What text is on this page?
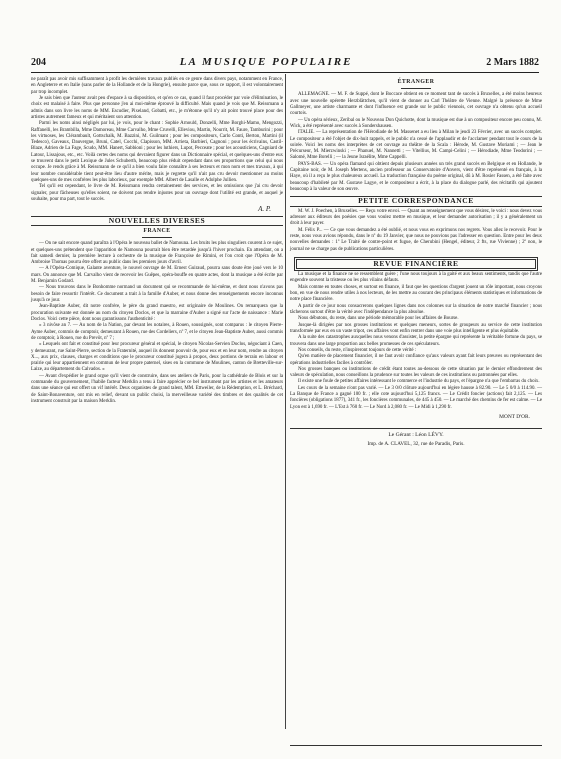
204	LA MUSIQUE POPULAIRE	2 Mars 1882

ne paraît pas avoir mis suffisamment à profit les dernières travaux publiés en ce genre dans divers pays, notamment en France, en Angleterre et en Italie (sans parler de la Hollande et de la Hongrie), ensuite parce que, sous ce rapport, il est volontairement par trop incomplet.

Je sais bien que l'auteur avait peu d'espace à sa disposition, et qu'en ce cas, quand il faut procéder par voie d'élimination, le choix est malaisé à faire. Plus que personne j'en ai moi-même éprouvé la difficulté. Mais quand je vois que M. Reissmann a admis dans son livre les noms de MM. Escudier, Pixeland, Gobatti, etc., je m'étonne qu'il n'y ait point trouvé place pour des artistes autrement fameux et qui méritaient son attention.

Parmi les noms ainsi négligés par lui, je vois, pour le chant : Sophie Arnould, Donzelli, Mme Borghi-Mamo, Mengozzi, Raffanelli, les Brambilla, Mme Damoreau, Mme Carvalho, Mme Cruvelli, Elleviou, Martin, Nourrit, M. Faure, Tamburini ; pour les virtuoses, les Clérambault, Gottschalk, M. Bazzini, M. Guilmant ; pour les compositeurs, Carlo Conti, Berton, Martini (il Tedesco), Gaveaux, Dauvergne, Bruni, Catel, Cocchi, Clapisson, MM. Arrieta, Barbieri, Cagnoni ; pour les écrivains, Castil-Blaze, Adrien de La Fage, Scudo, MM. Hanert, Sabbioni ; pour les luthiers, Lupot, Pecceate ; pour les acousticiens, Cagniard de Latour, Lissajous, etc., etc. Voilà certes des noms qui devraient figurer dans un Dictionnaire spécial, et quelques-uns d'entre eux se trouvent dans le petit Lexique de Jules Schuberth, beaucoup plus réduit cependant dans ses proportions que celui qui nous occupe. Je rends grâce à M. Reissmann de ce qu'il a bien voulu faire connaître à ses lecteurs et mon nom et mes travaux, à qui leur nombre considérable tient peut-être lieu d'autre mérite, mais je regrette qu'il n'ait pas cru devoir mentionner au moins quelques-uns de mes confrères les plus laborieux, par exemple MM. Albert de Lasalle et Adolphe Jullien.

Tel qu'il est cependant, le livre de M. Reissmann rendra certainement des services, et les omissions que j'ai cru devoir signaler, pour fâcheuses qu'elles soient, ne doivent pas rendre injustes pour un ouvrage dont l'utilité est grande, et auquel je souhaite, pour ma part, tout le succès.

A. P.
NOUVELLES DIVERSES
FRANCE

— On ne sait encore quand paraîtra à l'Opéra le nouveau ballet de Namouna. Les bruits les plus singuliers courent à ce sujet, et quelques-uns prétendent que l'apparition de Namouna pourrait bien être retardée jusqu'à l'hiver prochain. En attendant, on a fait samedi dernier, la première lecture à orchestre de la musique de Françoise de Rimini, et l'on croit que l'Opéra de M. Ambroise Thomas pourra être offert au public dans les premiers jours d'avril.

— A l'Opéra-Comique, Galante aventure, le nouvel ouvrage de M. Ernest Guiraud, pourra sans doute être joué vers le 10 mars. On annonce que M. Carvalho vient de recevoir les Guêpes, opéra-bouffe en quatre actes, dont la musique a été écrite par M. Benjamin Godard.

— Nous trouvons dans le Bonhomme normand un document qui se recommande de lui-même, et dont nous n'avons pas besoin de faire ressortir l'intérêt. Ce document a trait à la famille d'Auber, et nous donne des renseignements encore inconnus jusqu'à ce jour.

Jean-Baptiste Auber, dit notre confrère, le père du grand maestro, est originaire de Moulines. On remarquera que la procuration suivante est donnée au nom du citoyen Doclos, et que la marraine d'Auber a signé sur l'acte de naissance : Marie Doclos. Voici cette pièce, dont nous garantissons l'authenticité :

« 3 nivôse an 7. — Au nom de la Nation, par devant les notaires, à Rouen, soussignés, sont comparus : le citoyen Pierre-Ayme Auber, commis de comptoir, demeurant à Rouen, rue des Cordeliers, nº 7, et le citoyen Jean-Baptiste Auber, aussi commis de comptoir, à Rouen, rue du Prevôt, nº 7 ;

« Lesquels ont fait et constitué pour leur procureur général et spécial, le citoyen Nicolas-Servien Doclos, négociant à Caen, y demeurant, rue Saint-Pierre, section de la Fraternité, auquel ils donnent pouvoir de, pour eux et en leur nom, rendre au citoyen X..., aux prix, clauses, charges et conditions que le procureur constitué jugera à propos, deux portions de terrain en labour et prairie qui leur appartiennent en commun de leur propre paternel, sises en la commune de Moulines, canton de Bretteville-sur-Laize, au département du Calvados. »

— Avant d'expédier le grand orgue qu'il vient de construire, dans ses ateliers de Paris, pour la cathédrale de Blois et sur la commande du gouvernement, l'habile facteur Merklin a tenu à faire apprécier ce bel instrument par les artistes et les amateurs dans une séance qui eut offert un vif intérêt. Deux organistes de grand talent, MM. Ettweiler, de la Rédemption, et L. Bréchard, de Saint-Bonaventure, ont mis en relief, devant un public choisi, la merveilleuse variété des timbres et des qualités de cet instrument construit par la maison Merklin.

ÉTRANGER

ALLEMAGNE. — M. F. de Suppé, dont le Boccace obtient en ce moment tant de succès à Bruxelles, a été moins heureux avec une nouvelle opérette Herzblättchen, qu'il vient de donner au Carl Théâtre de Vienne. Malgré la présence de Mme Gallmeyer, une artiste charmante et dont l'influence est grande sur le public viennois, cet ouvrage n'a obtenu qu'un accueil courtois.

— Un opéra sérieux, Zeribal ou le Nouveau Don Quichotte, dont la musique est due à un compositeur encore peu connu, M. Wick, a été représenté avec succès à Sondershausen.

ITALIE. — La représentation de l'Hérodiade de M. Massenet a eu lieu à Milan le jeudi 23 Février, avec un succès complet. Le compositeur a été l'objet de dix-huit rappels, et le public n'a cessé de l'applaudir et de l'acclamer pendant tout le cours de la soirée. Voici les noms des interprètes de cet ouvrage au théâtre de la Scala : Hérode, M. Gustave Moriami ; — Jean le Précurseur, M. Mierzwinski ; — Phanuel, M. Nannetti ; — Vitellius, M. Campi-Celini ; — Hérodiade, Mme Teodorini ; — Salomé, Mme Borelli ; — la Jeune Israélite, Mme Cappelli.

PAYS-BAS. — Un opéra flamand qui obtient depuis plusieurs années un très grand succès en Belgique et en Hollande, le Capitaine noir, de M. Joseph Mertens, ancien professeur au Conservatoire d'Anvers, vient d'être représenté en français, à la Haye, où il a reçu le plus chaleureux accueil. La traduction française du poème original, dû à M. Rosier Fassen, a été faite avec beaucoup d'habileté par M. Gustave Lagye, et le compositeur a écrit, à la place du dialogue parlé, des récitatifs qui ajoutent beaucoup à la valeur de son œuvre.

PETITE CORRESPONDANCE

M. W. J. Poechen, à Bruxelles. — Reçu votre envoi. — Quant au renseignement que vous désirez, le voici : nous devez vous adresser aux éditeurs des poésies que vous voulez mettre en musique, et leur demander autorisation ; il y a généralement un droit à leur payer.

M. Félix P... — Ce que vous demandez a été oublié, et nous vous en exprimons nos regrets. Vous allez le recevoir. Pour le reste, nous vous avions répondu, dans le nº du 19 Janvier, que nous ne pouvions pas l'adresser en question. Entre pour les deux nouvelles demandes : 1º Le Traité de contre-point et fugue, de Cherubini (Hengel, éditeur, 2 fts, rue Vivienne) ; 2º non, le journal ne se charge pas de publications particulières.

REVUE FINANCIÈRE

La musique et la finance ne se ressemblent guère ; l'une nous toujours à la gaité et aux beaux sentiments, tandis que l'autre engendre souvent la tristesse ou les plus vilains défauts.

Mais comme en toutes choses, et surtout en finance, il faut que les questions d'argent jouent un rôle important, nous croyons bon, en vue de nous rendre utiles à nos lecteurs, de les mettre au courant des principaux éléments statistiques et informations de notre place financière.

A partir de ce jour nous consacrerons quelques lignes dans nos colonnes sur la situation de notre marché financier ; nous tâcherons surtout d'être la vérité avec l'indépendance la plus absolue.

Nous débutons, du reste, dans une période mémorable pour les affaires de Bourse.

Jusque-là dirigées par nos grosses institutions et quelques meneurs, sortes de groupeurs au service de cette institution transformée par eux en un vaste tripot, ces affaires vont enfin rentrer dans une voie plus intelligente et plus équitable.

A la suite des catastrophes auxquelles nous venons d'assister, la petite épargne qui représente la véritable fortune du pays, se trouvera dans une large proportion aux belles promesses de ces spéculateurs.

Nos conseils, du reste, n'inspireront toujours de cette vérité :

Qu'en matière de placement financier, il ne faut avoir confiance qu'aux valeurs ayant fait leurs preuves ou représentant des opérations industrielles faciles à contrôler.

Nos grosses banques ou institutions de crédit étant toutes au-dessous de cette situation par le dernier effondrement des valeurs de spéculation, nous conseillons la prudence sur toutes les valeurs de ces institutions ou patronnées par elles.

Il existe une foule de petites affaires intéressant le commerce et l'industrie du pays, et l'épargne n'a que l'embarras du choix.

Les cours de la semaine n'ont pas varié. — Le 3 0/0 clôture aujourd'hui en légère hausse à 82.90. — Le 5 0/0 à 114.90. — La Banque de France a gagné 100 fr. ; elle cote aujourd'hui 5,125 francs. — Le Crédit foncier (actions) fait 2,125. — Les foncières (obligations 1877), 341 fr., les foncières communales, de 445 à 450. — Le marché des chemins de fer est calme. — Le Lyon est à 1,690 fr. — L'Est à 760 fr. — Le Nord à 2,080 fr. — Le Midi à 1,290 fr.

MONT D'OR.
Le Gérant : Léon LÉVY.
Imp. de A. CLAVEL, 32, rue de Paradis, Paris.
